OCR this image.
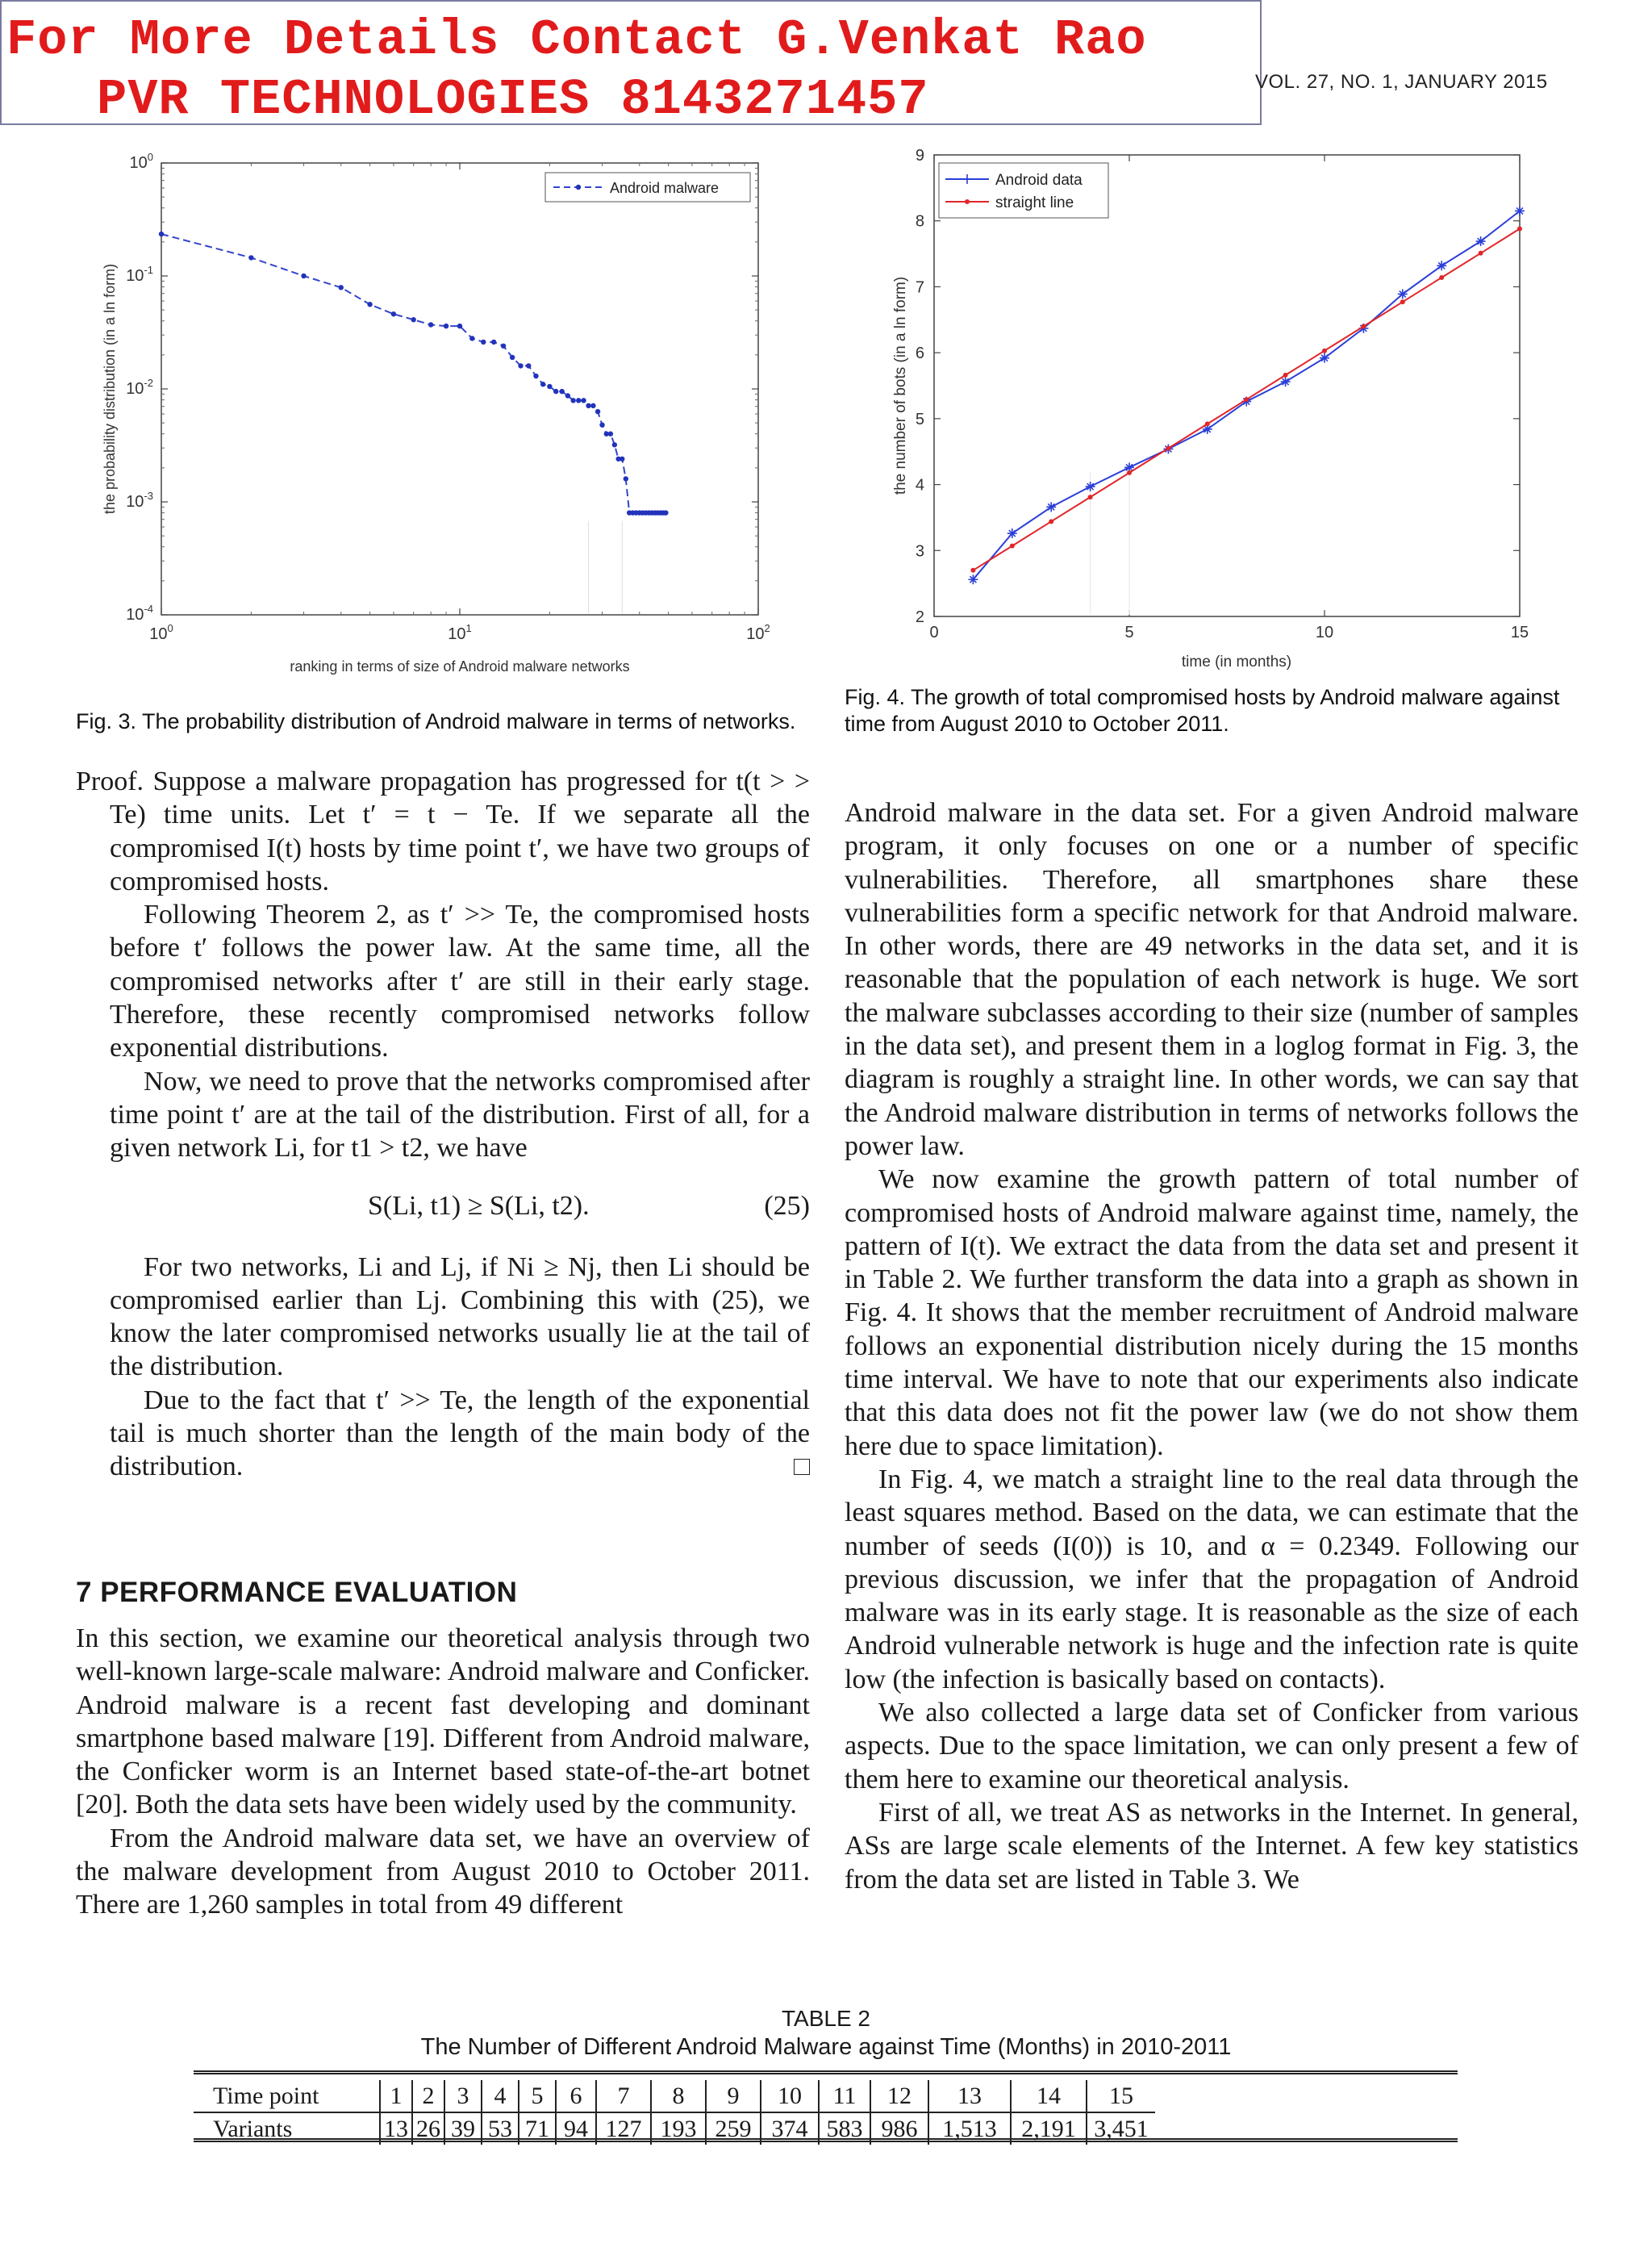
For More Details Contact G.Venkat Rao
PVR TECHNOLOGIES 8143271457	VOL. 27, NO. 1, JANUARY 2015
$10^0$	$10^1$	$10^2$
$10^0$
$10^{-1}$
$10^{-2}$
$10^{-3}$
$10^{-4}$
Android malware
ranking in terms of size of Android malware networks
the probability distribution (in a ln form)
Fig. 3. The probability distribution of Android malware in terms of networks.
0	5	10	15
2
3
4
5
6
7
8
9
Android data
straight line
time (in months)
the number of bots (in a ln form)
Fig. 4. The growth of total compromised hosts by Android malware against time from August 2010 to October 2011.

Proof. Suppose a malware propagation has progressed for t(t > > Te) time units. Let t′ = t − Te. If we separate all the compromised I(t) hosts by time point t′, we have two groups of compromised hosts.

Following Theorem 2, as t′ >> Te, the compromised hosts before t′ follows the power law. At the same time, all the compromised networks after t′ are still in their early stage. Therefore, these recently compromised networks follow exponential distributions.

Now, we need to prove that the networks compromised after time point t′ are at the tail of the distribution. First of all, for a given network Li, for t1 > t2, we have

S(Li, t1) ≥ S(Li, t2).	(25)

For two networks, Li and Lj, if Ni ≥ Nj, then Li should be compromised earlier than Lj. Combining this with (25), we know the later compromised networks usually lie at the tail of the distribution.

Due to the fact that t′ >> Te, the length of the exponential tail is much shorter than the length of the main body of the distribution.

7 PERFORMANCE EVALUATION

In this section, we examine our theoretical analysis through two well-known large-scale malware: Android malware and Conficker. Android malware is a recent fast developing and dominant smartphone based malware [19]. Different from Android malware, the Conficker worm is an Internet based state-of-the-art botnet [20]. Both the data sets have been widely used by the community.

From the Android malware data set, we have an overview of the malware development from August 2010 to October 2011. There are 1,260 samples in total from 49 different

Android malware in the data set. For a given Android malware program, it only focuses on one or a number of specific vulnerabilities. Therefore, all smartphones share these vulnerabilities form a specific network for that Android malware. In other words, there are 49 networks in the data set, and it is reasonable that the population of each network is huge. We sort the malware subclasses according to their size (number of samples in the data set), and present them in a loglog format in Fig. 3, the diagram is roughly a straight line. In other words, we can say that the Android malware distribution in terms of networks follows the power law.

We now examine the growth pattern of total number of compromised hosts of Android malware against time, namely, the pattern of I(t). We extract the data from the data set and present it in Table 2. We further transform the data into a graph as shown in Fig. 4. It shows that the member recruitment of Android malware follows an exponential distribution nicely during the 15 months time interval. We have to note that our experiments also indicate that this data does not fit the power law (we do not show them here due to space limitation).

In Fig. 4, we match a straight line to the real data through the least squares method. Based on the data, we can estimate that the number of seeds (I(0)) is 10, and α = 0.2349. Following our previous discussion, we infer that the propagation of Android malware was in its early stage. It is reasonable as the size of each Android vulnerable network is huge and the infection rate is quite low (the infection is basically based on contacts).

We also collected a large data set of Conficker from various aspects. Due to the space limitation, we can only present a few of them here to examine our theoretical analysis.

First of all, we treat AS as networks in the Internet. In general, ASs are large scale elements of the Internet. A few key statistics from the data set are listed in Table 3. We

TABLE 2
The Number of Different Android Malware against Time (Months) in 2010-2011
Time point	1	2	3	4	5	6	7	8	9	10	11	12	13	14	15
Variants	13	26	39	53	71	94	127	193	259	374	583	986	1,513	2,191	3,451
